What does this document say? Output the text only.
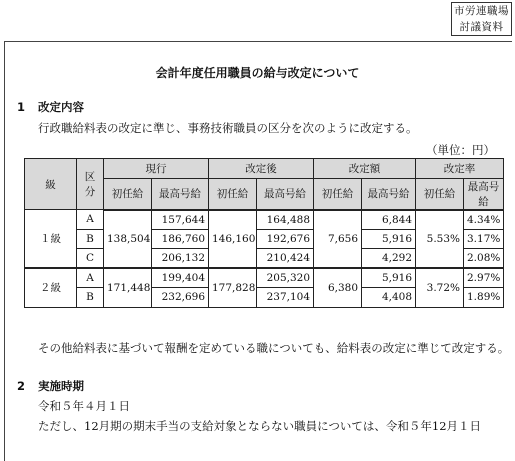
市労連職場
討議資料
会計年度任用職員の給与改定について
1 改定内容
行政職給料表の改定に準じ、事務技術職員の区分を次のように改定する。
（単位：円）
級	区分	現行		改定後		改定額		改定率	
		初任給	最高号給	初任給	最高号給	初任給	最高号給	初任給	最高号給
１級	A		157,644		164,488		6,844		4.34%
	B	138,504	186,760	146,160	192,676	7,656	5,916	5.53%	3.17%
	C		206,132		210,424		4,292		2.08%
２級	A	171,448	199,404	177,828	205,320	6,380	5,916	3.72%	2.97%
	B		232,696		237,104		4,408		1.89%
その他給料表に基づいて報酬を定めている職についても、給料表の改定に準じて改定する。
2 実施時期
令和５年４月１日
ただし、12月期の期末手当の支給対象とならない職員については、令和５年12月１日
